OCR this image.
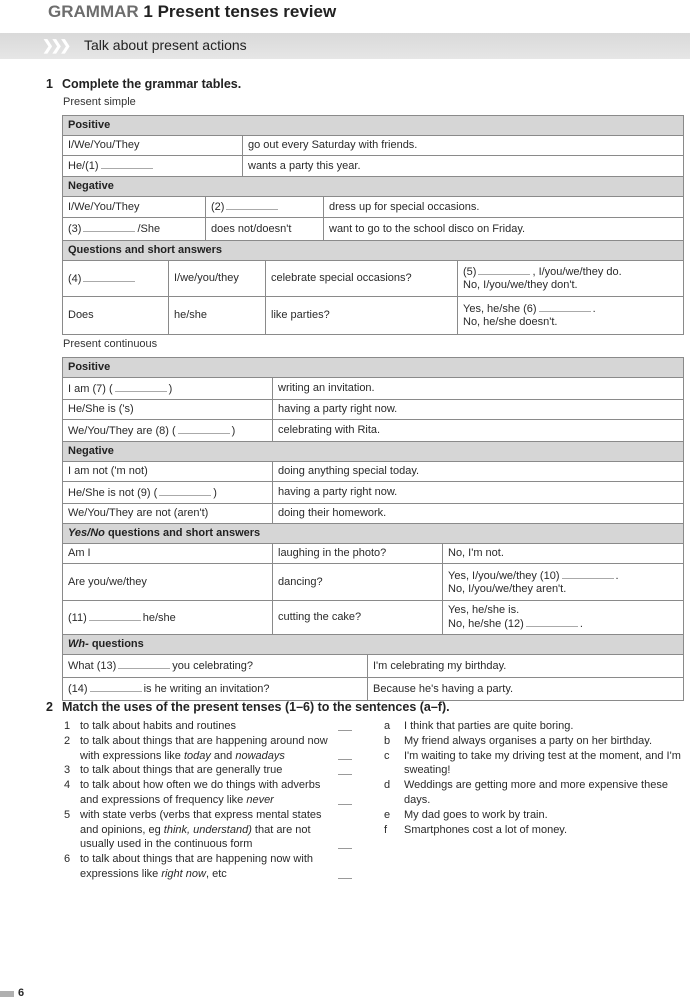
GRAMMAR 1 Present tenses review
❯❯❯ Talk about present actions
1 Complete the grammar tables.
Present simple
Positive
I/We/You/They	go out every Saturday with friends.
He/(1)	wants a party this year.
Negative
I/We/You/They	(2)	dress up for special occasions.
(3)	/She	does not/doesn't	want to go to the school disco on Friday.
Questions and short answers
(4)	I/we/you/they	celebrate special occasions?	(5)	, I/you/we/they do.
No, I/you/we/they don't.
Does	he/she	like parties?	Yes, he/she (6)	.
No, he/she doesn't.
Present continuous
Positive
I am (7) (	)	writing an invitation.
He/She is ('s)	having a party right now.
We/You/They are (8) (	)	celebrating with Rita.
Negative
I am not ('m not)	doing anything special today.
He/She is not (9) (	)	having a party right now.
We/You/They are not (aren't)	doing their homework.
Yes/No questions and short answers
Am I	laughing in the photo?	No, I'm not.
Are you/we/they	dancing?	Yes, I/you/we/they (10)	.
No, I/you/we/they aren't.
(11)	he/she	cutting the cake?
Yes, he/she is.
No, he/she (12)	.
Wh- questions
What (13)	you celebrating?	I'm celebrating my birthday.
(14)	is he writing an invitation?	Because he's having a party.
2 Match the uses of the present tenses (1–6) to the sentences (a–f).
1 to talk about habits and routines
2 to talk about things that are happening around now with expressions like today and nowadays
3 to talk about things that are generally true
4 to talk about how often we do things with adverbs and expressions of frequency like never
5 with state verbs (verbs that express mental states and opinions, eg think, understand) that are not usually used in the continuous form
6 to talk about things that are happening now with expressions like right now, etc
a	I think that parties are quite boring.
b	My friend always organises a party on her birthday.
c	I'm waiting to take my driving test at the moment, and I'm sweating!
d	Weddings are getting more and more expensive these days.
e	My dad goes to work by train.
f	Smartphones cost a lot of money.
6
